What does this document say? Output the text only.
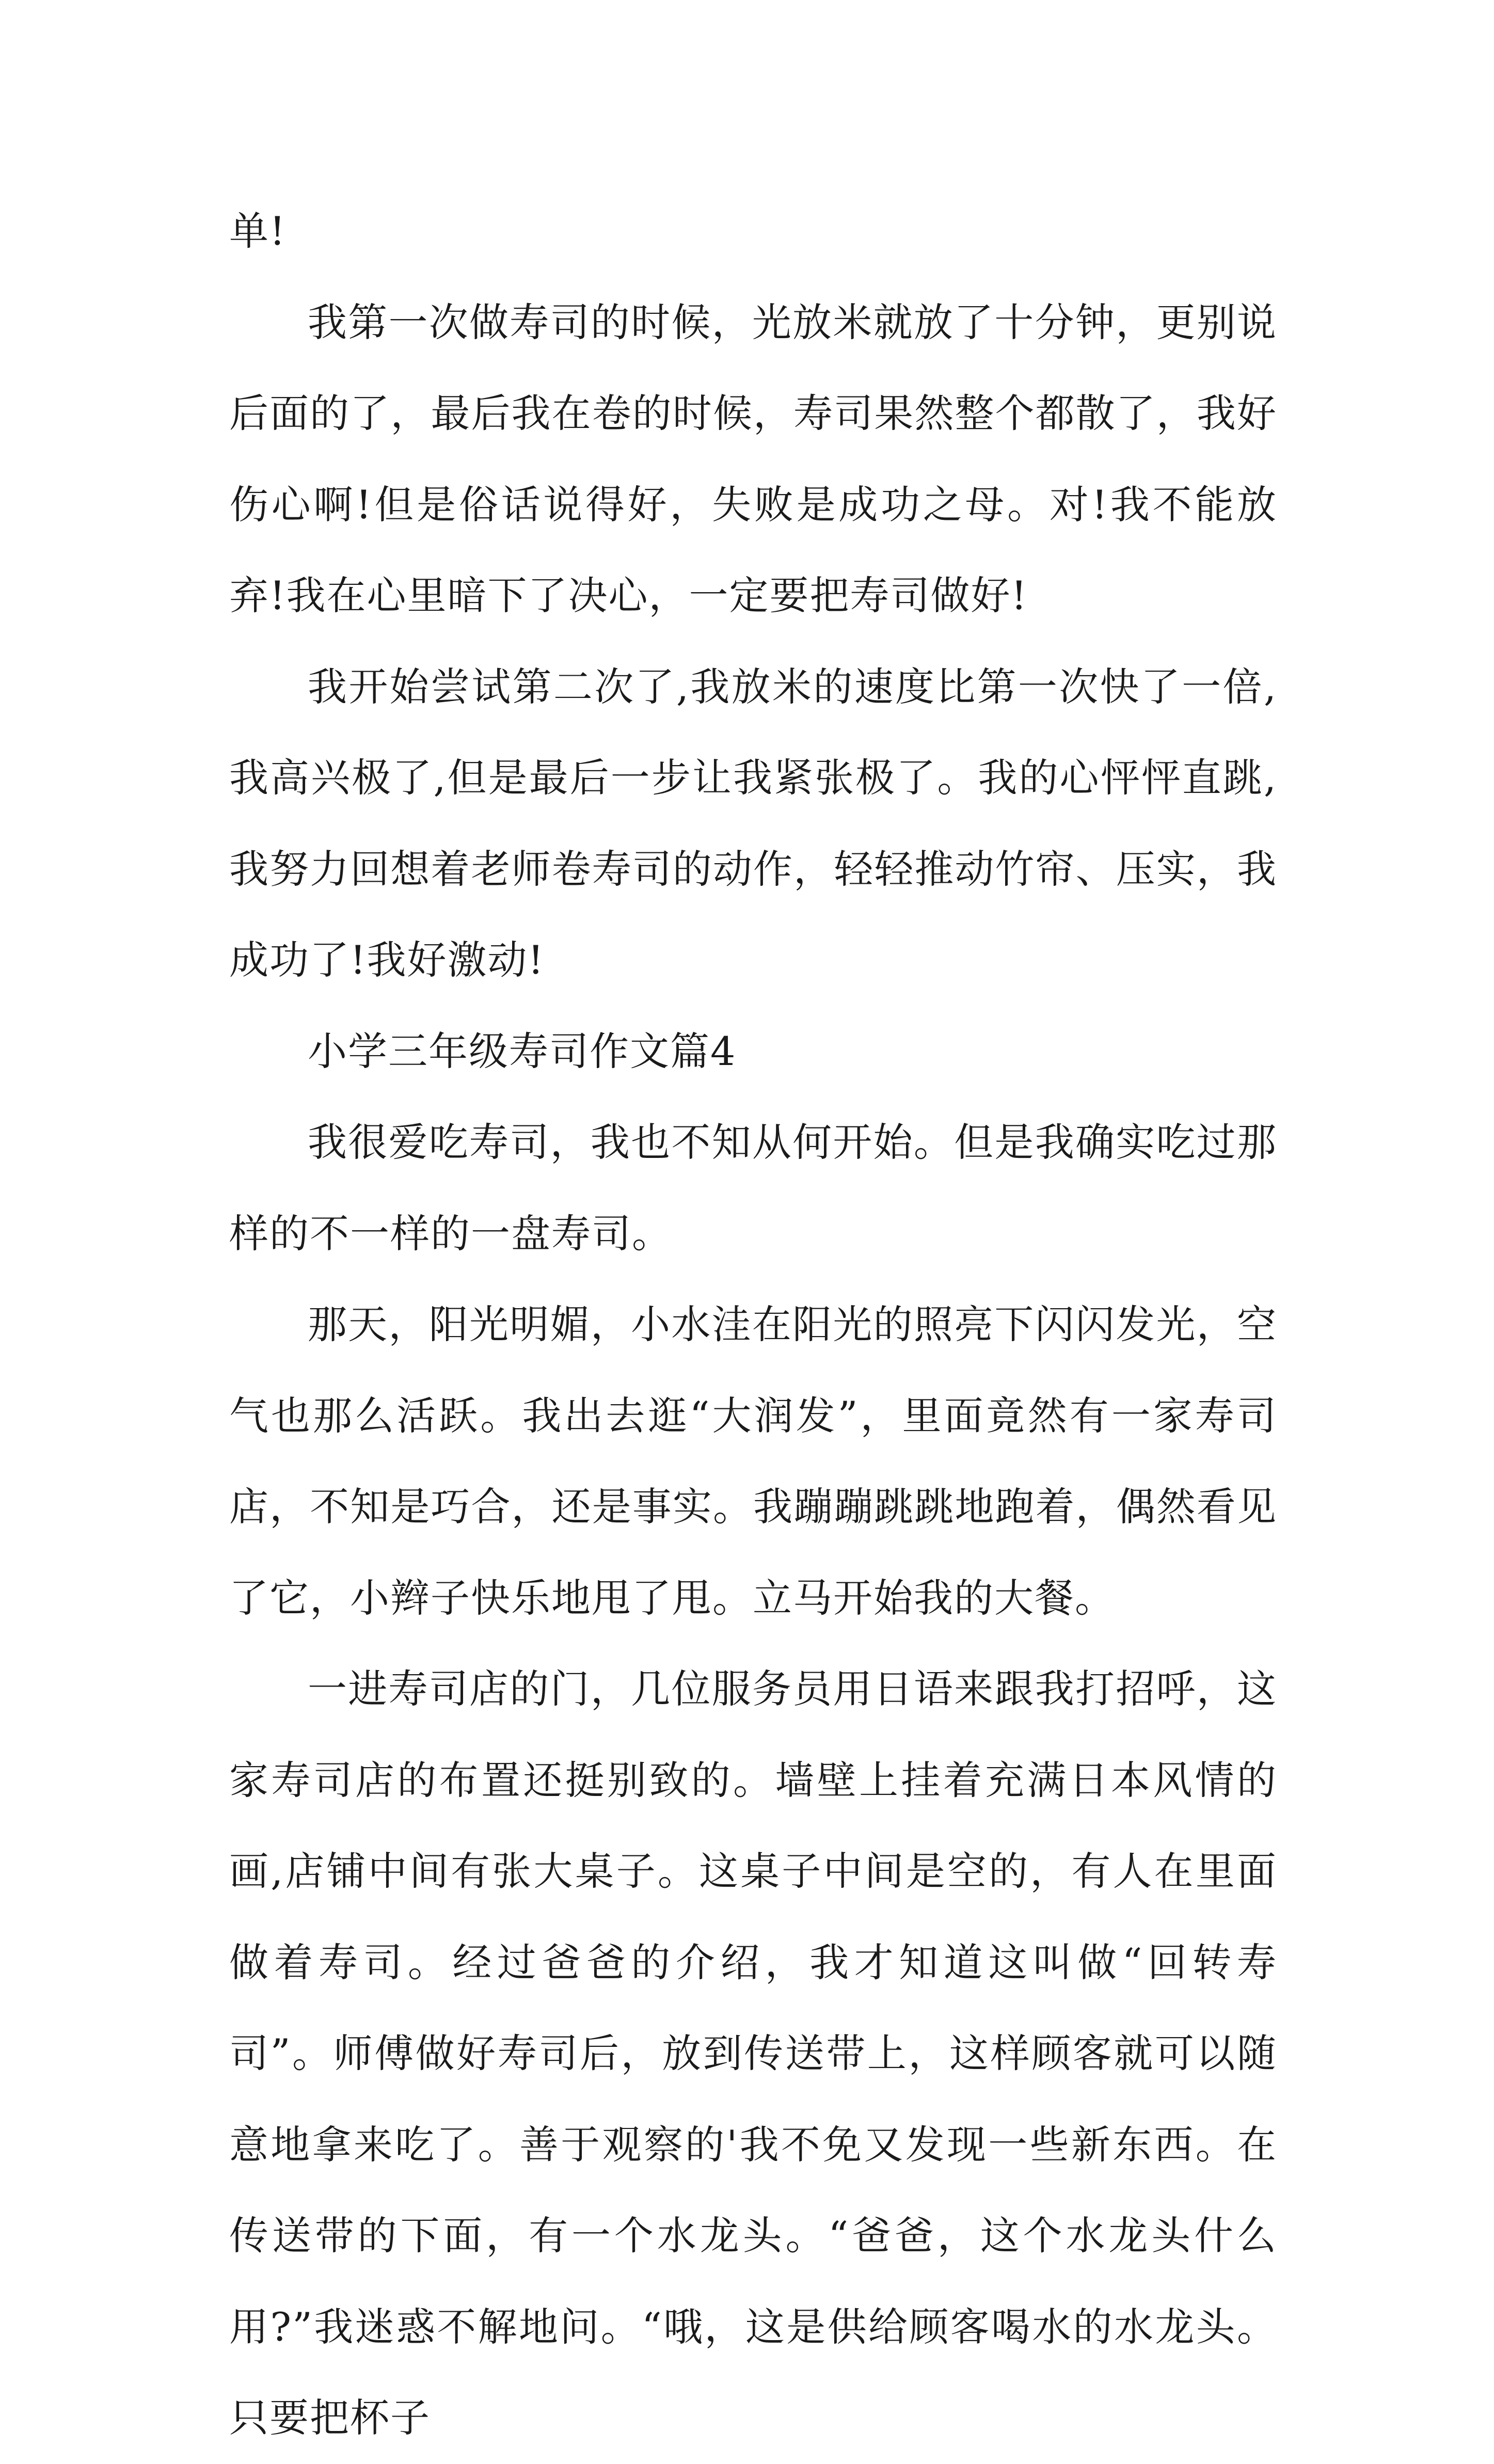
单!

我第一次做寿司的时候，光放米就放了十分钟，更别说后面的了，最后我在卷的时候，寿司果然整个都散了，我好伤心啊!但是俗话说得好，失败是成功之母。对!我不能放弃!我在心里暗下了决心，一定要把寿司做好!

我开始尝试第二次了,我放米的速度比第一次快了一倍,我高兴极了,但是最后一步让我紧张极了。我的心怦怦直跳,我努力回想着老师卷寿司的动作，轻轻推动竹帘、压实，我成功了!我好激动!

小学三年级寿司作文篇4

我很爱吃寿司，我也不知从何开始。但是我确实吃过那样的不一样的一盘寿司。

那天，阳光明媚，小水洼在阳光的照亮下闪闪发光，空气也那么活跃。我出去逛“大润发”，里面竟然有一家寿司店，不知是巧合，还是事实。我蹦蹦跳跳地跑着，偶然看见了它，小辫子快乐地甩了甩。立马开始我的大餐。

一进寿司店的门，几位服务员用日语来跟我打招呼，这家寿司店的布置还挺别致的。墙壁上挂着充满日本风情的画,店铺中间有张大桌子。这桌子中间是空的，有人在里面做着寿司。经过爸爸的介绍，我才知道这叫做“回转寿司”。师傅做好寿司后，放到传送带上，这样顾客就可以随意地拿来吃了。善于观察的'我不免又发现一些新东西。在传送带的下面，有一个水龙头。“爸爸，这个水龙头什么用?”我迷惑不解地问。“哦，这是供给顾客喝水的水龙头。只要把杯子
